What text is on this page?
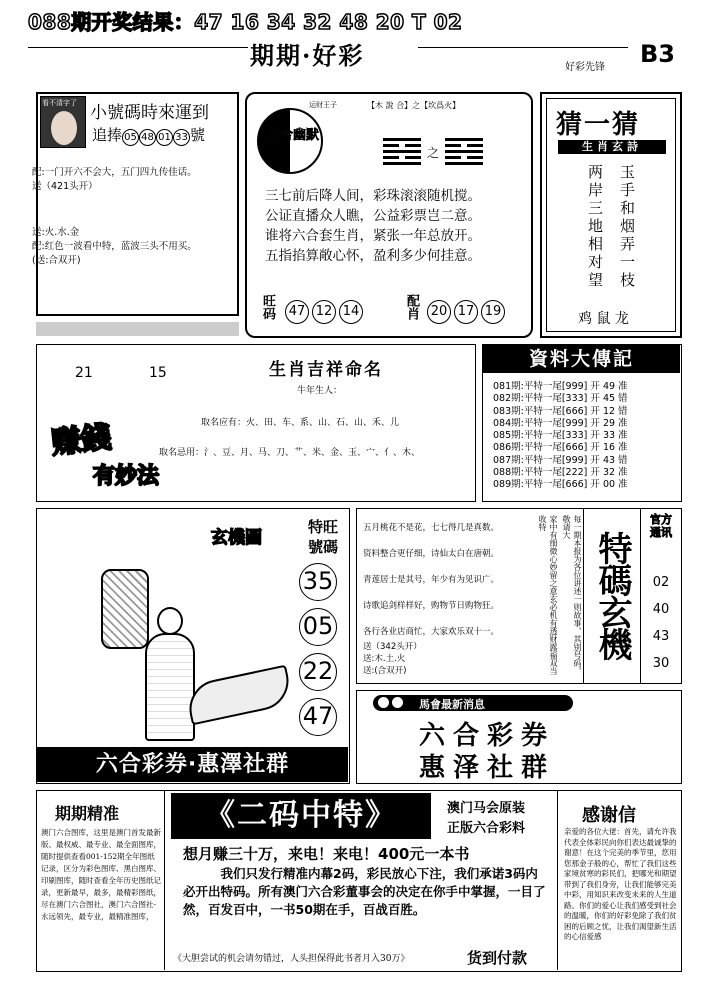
088期开奖结果：47 16 34 32 48 20 T 02
期期·好彩	好彩先锋 B3
看不清字了 小號碼時來運到
追捧 05 48 01 33 號
配:一门开六不会大，五门四九传佳话。
送（421头开）
送:火.水.金
配:红色一波看中特，蓝波三头不用买。
(送:合双开)
六合幽默
运财王子	【木 說 合】之【坎爲火】
之
三七前后降人间，彩珠滚滚随机搅。
公证直播众人瞧，公益彩票岂二意。
谁将六合套生肖，紧张一年总放开。
五指掐算敞心怀，盈利多少何挂意。
旺码 47 12 14	配肖 20 17 19
猜一猜
生肖玄詩
两岸三地相对望 玉手和烟弄一枝
鸡 鼠 龙
21	15	生肖吉祥命名
牛年生人：
取名应有：火、田、车、系、山、石、山、禾、儿
取名忌用：氵、豆、月、马、刀、艹、米、金、玉、宀、亻、木、
赚錢
有妙法
資料大傳記
081期:平特一尾[999] 开 49 准
082期:平特一尾[333] 开 45 错
083期:平特一尾[666] 开 12 错
084期:平特一尾[999] 开 29 准
085期:平特一尾[333] 开 33 准
086期:平特一尾[666] 开 16 准
087期:平特一尾[999] 开 43 错
088期:平特一尾[222] 开 32 准
089期:平特一尾[666] 开 00 准
玄機圖
特旺號碼
35
05
22
47
六合彩券·惠澤社群
五月桃花不是花，七七得几是真数。
资料整合更仔细，诗仙太白在唐朝。
青莲居士是其号，年少有为见识广。
诗歌追剑样样好，购物节日购物狂。
各行各业店商忙，大家欢乐双十一。
送（342头开）
送:木.土.火
送:(合双开)	家中有细微心妙留之意玄必机有透财露福双当收特	每一期本报为各位讲述一则故事，其别号码，敬请大
特碼玄機
官方通讯
02
40
43
30
馬會最新消息
六合彩券
惠泽社群
期期精准
澳门六合图库，这里是澳门首发最新版、最权威、最专业、最全面图库，随时提供查看001-152期全年图纸记录，区分为彩色图库、黑白图库、印刷图库，随时查看全年历史图纸记录，更新最早，最多，最精彩图纸，尽在澳门六合图社，澳门六合图社-永远领先，最专业，最精准图库，
《二码中特》	澳门马会原装
正版六合彩料
想月赚三十万，来电！来电！400元一本书
我们只发行精准内幕2码，彩民放心下注，我们承诺3码内必开出特码。所有澳门六合彩董事会的决定在你手中掌握，一目了然，百发百中，一书50期在手，百战百胜。
《大胆尝试的机会请勿错过，人头担保得此书者月入30万》	货到付款
感谢信
亲爱的各位大佬：首先，请允许我代表全体彩民向你们表达最诚挚的谢意！在这个完美的季节里，您用您那金子般的心，帮忙了我们这些家境贫寒的彩民们，把哪光和期望带到了我们身旁，让我们能够完美中彩，用知识来改变未来的人生道路。你们的爱心让我们感受到社会的温暖，你们的好彩免除了我们贫困的后顾之忧，让我们渴望新生活的心信爱感
